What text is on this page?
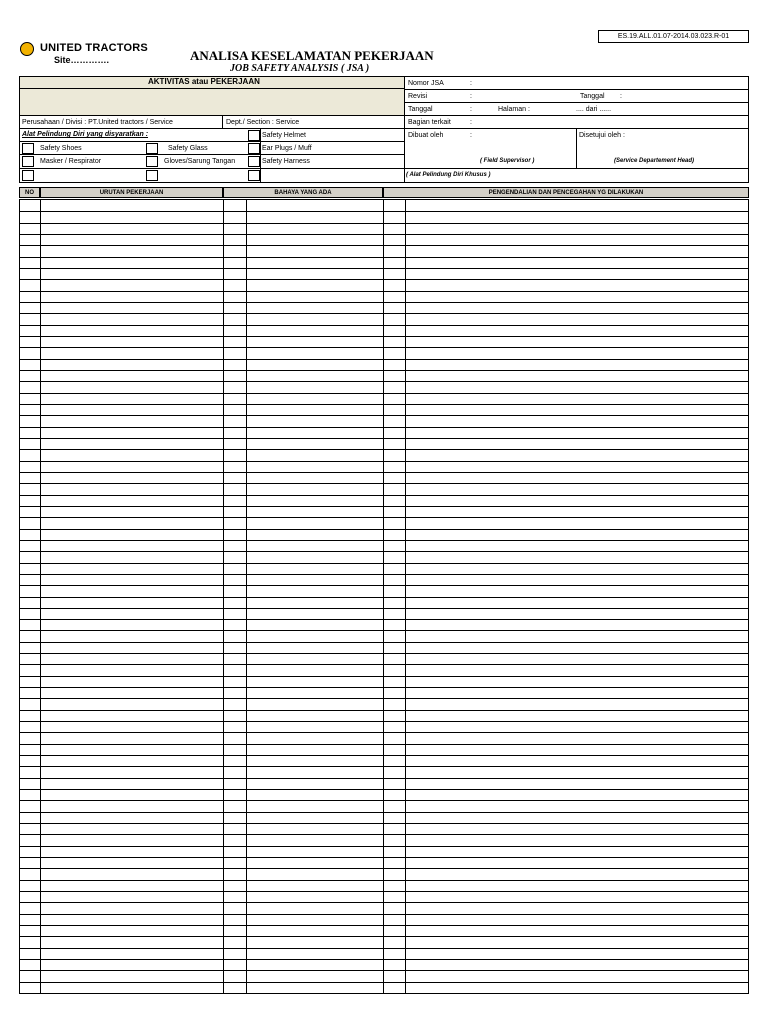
ES.19.ALL.01.07-2014.03.023.R-01
UNITED TRACTORS
Site………….	ANALISA KESELAMATAN PEKERJAAN
JOB SAFETY ANALYSIS ( JSA )
AKTIVITAS atau PEKERJAAN
Perusahaan / Divisi : PT.United tractors / Service	Dept./ Section : Service
Alat Pelindung Diri yang disyaratkan :	Safety Helmet
Safety Shoes	Safety Glass	Ear Plugs / Muff
Masker / Respirator	Gloves/Sarung Tangan	Safety Harness
Nomor JSA	:
Revisi	:	Tanggal :
Tanggal	:	Halaman :	.... dari ......
Bagian terkait	:
Dibuat oleh	:	Disetujui oleh :
( Field Supervisor )	(Service Departement Head)
( Alat Pelindung Diri Khusus )
NO	URUTAN PEKERJAAN	BAHAYA YANG ADA	PENGENDALIAN DAN PENCEGAHAN YG DILAKUKAN
